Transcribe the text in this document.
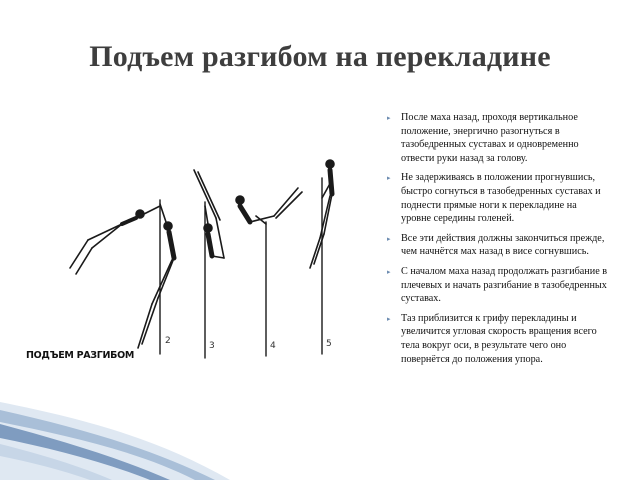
Подъем разгибом на перекладине
2	3	4	5
ПОДЪЕМ РАЗГИБОМ
▸ После маха назад, проходя вертикальное положение, энергично разогнуться в тазобедренных суставах и одновременно отвести руки назад за голову.
▸ Не задерживаясь в положении прогнувшись, быстро согнуться в тазобедренных суставах и поднести прямые ноги к перекладине на уровне середины голеней.
▸ Все эти действия должны закончиться прежде, чем начнётся мах назад в висе согнувшись.
▸ С началом маха назад продолжать разгибание в плечевых и начать разгибание в тазобедренных суставах.
▸ Таз приблизится к грифу перекладины и увеличится угловая скорость вращения всего тела вокруг оси, в результате чего оно повернётся до положения упора.
